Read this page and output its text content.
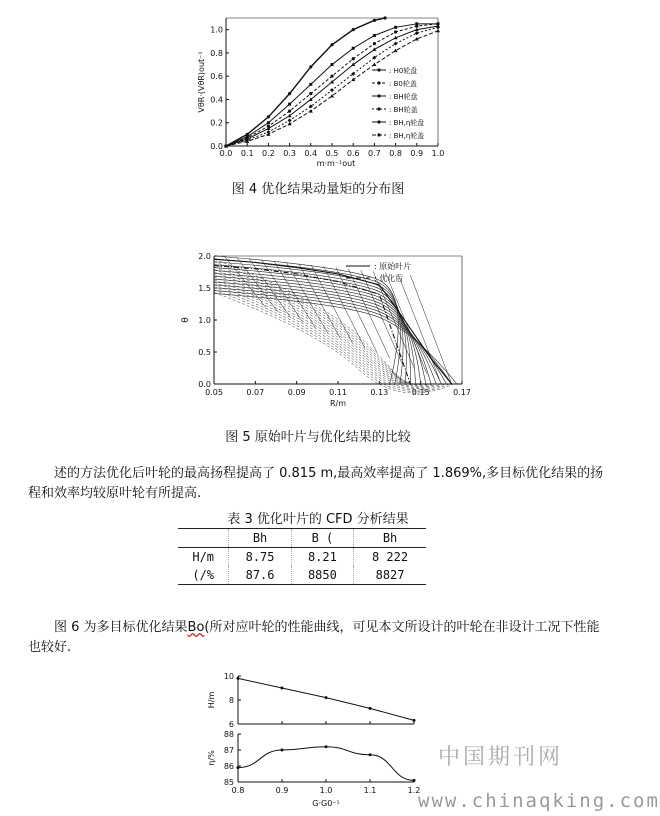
0.0 0.1 0.2 0.3 0.4 0.5 0.6 0.7 0.8 0.9 1.0
0.0
0.2
0.4
0.6
0.8
1.0
m·m⁻¹out
VθR·(VθR)out⁻¹	: H0轮盘
: B0轮盖
: BH轮盘
: BH轮盖
: BH,η轮盘
: BH,η轮盖
图 4 优化结果动量矩的分布图
0.05	0.07	0.09	0.11	0.13	0.15	0.17
0.0
0.5
1.0
1.5
2.0
R/m
θ
: 原始叶片
: 优化后
图 5 原始叶片与优化结果的比较

述的方法优化后叶轮的最高扬程提高了 0.815 m,最高效率提高了 1.869%,多目标优化结果的扬程和效率均较原叶轮有所提高.

表 3 优化叶片的 CFD 分析结果
	Bh	B (	Bh
H/m	8.75	8.21	8 222
(/%	87.6	8850	8827

图 6 为多目标优化结果Bo(所对应叶轮的性能曲线，可见本文所设计的叶轮在非设计工况下性能也较好.

6
8
10
H/m
85
86
87
88
η/%
0.8	0.9	1.0	1.1	1.2
G·G0⁻¹
中国期刊网
www.chinaqking.com
